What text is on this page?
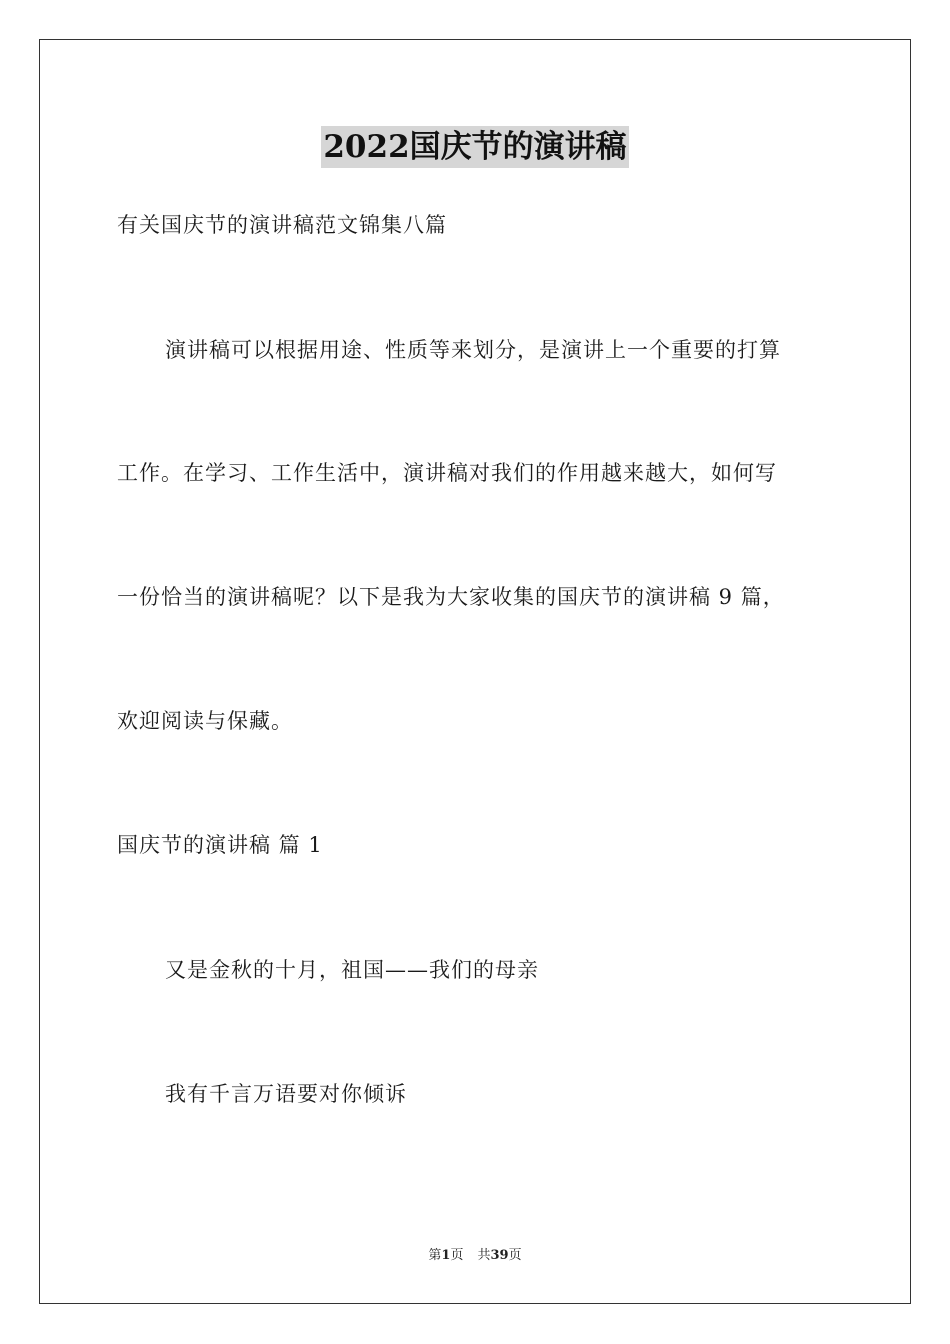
2022国庆节的演讲稿
有关国庆节的演讲稿范文锦集八篇
演讲稿可以根据用途、性质等来划分，是演讲上一个重要的打算
工作。在学习、工作生活中，演讲稿对我们的作用越来越大，如何写
一份恰当的演讲稿呢？以下是我为大家收集的国庆节的演讲稿 9 篇，
欢迎阅读与保藏。
国庆节的演讲稿 篇 1
又是金秋的十月，祖国——我们的母亲
我有千言万语要对你倾诉
第1页 共39页
